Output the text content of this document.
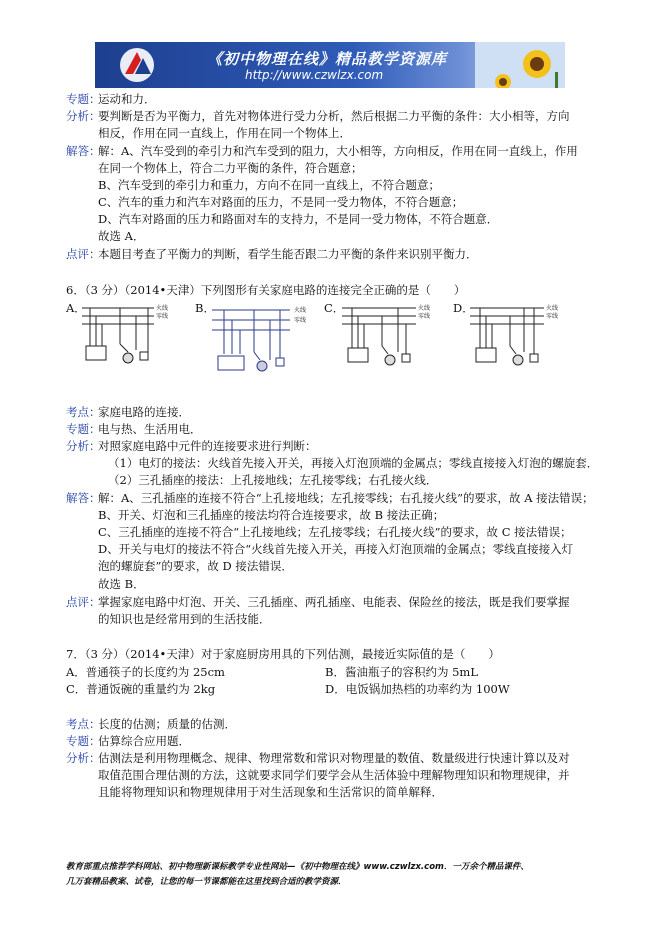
《初中物理在线》精品教学资源库
http://www.czwlzx.com
专题：运动和力．
分析：要判断是否为平衡力，首先对物体进行受力分析，然后根据二力平衡的条件：大小相等，方向
相反，作用在同一直线上，作用在同一个物体上．
解答：解：A、汽车受到的牵引力和汽车受到的阻力，大小相等，方向相反，作用在同一直线上，作用
在同一个物体上，符合二力平衡的条件，符合题意；
B、汽车受到的牵引力和重力，方向不在同一直线上，不符合题意；
C、汽车的重力和汽车对路面的压力，不是同一受力物体，不符合题意；
D、汽车对路面的压力和路面对车的支持力，不是同一受力物体，不符合题意．
故选 A．
点评：本题目考查了平衡力的判断，看学生能否跟二力平衡的条件来识别平衡力．
6．（3 分）（2014•天津）下列图形有关家庭电路的连接完全正确的是（　　）
A．	B．	C．	D．
火线
零线
火线
零线
火线
零线
火线
零线
考点：家庭电路的连接．
专题：电与热、生活用电．
分析：对照家庭电路中元件的连接要求进行判断：
（1）电灯的接法：火线首先接入开关，再接入灯泡顶端的金属点；零线直接接入灯泡的螺旋套．
（2）三孔插座的接法：上孔接地线；左孔接零线；右孔接火线．
解答：解：A、三孔插座的连接不符合“上孔接地线；左孔接零线；右孔接火线”的要求，故 A 接法错误；
B、开关、灯泡和三孔插座的接法均符合连接要求，故 B 接法正确；
C、三孔插座的连接不符合“上孔接地线；左孔接零线；右孔接火线”的要求，故 C 接法错误；
D、开关与电灯的接法不符合“火线首先接入开关，再接入灯泡顶端的金属点；零线直接接入灯
泡的螺旋套”的要求，故 D 接法错误．
故选 B．
点评：掌握家庭电路中灯泡、开关、三孔插座、两孔插座、电能表、保险丝的接法，既是我们要掌握
的知识也是经常用到的生活技能．
7．（3 分）（2014•天津）对于家庭厨房用具的下列估测，最接近实际值的是（　　）
A．普通筷子的长度约为 25cm	B．酱油瓶子的容积约为 5mL
C．普通饭碗的重量约为 2kg	D．电饭锅加热档的功率约为 100W
考点：长度的估测；质量的估测．
专题：估算综合应用题．
分析：估测法是利用物理概念、规律、物理常数和常识对物理量的数值、数量级进行快速计算以及对
取值范围合理估测的方法，这就要求同学们要学会从生活体验中理解物理知识和物理规律，并
且能将物理知识和物理规律用于对生活现象和生活常识的简单解释．
教育部重点推荐学科网站、初中物理新课标教学专业性网站—《初中物理在线》www.czwlzx.com．一万余个精品课件、
几万套精品教案、试卷，让您的每一节课都能在这里找到合适的教学资源．
